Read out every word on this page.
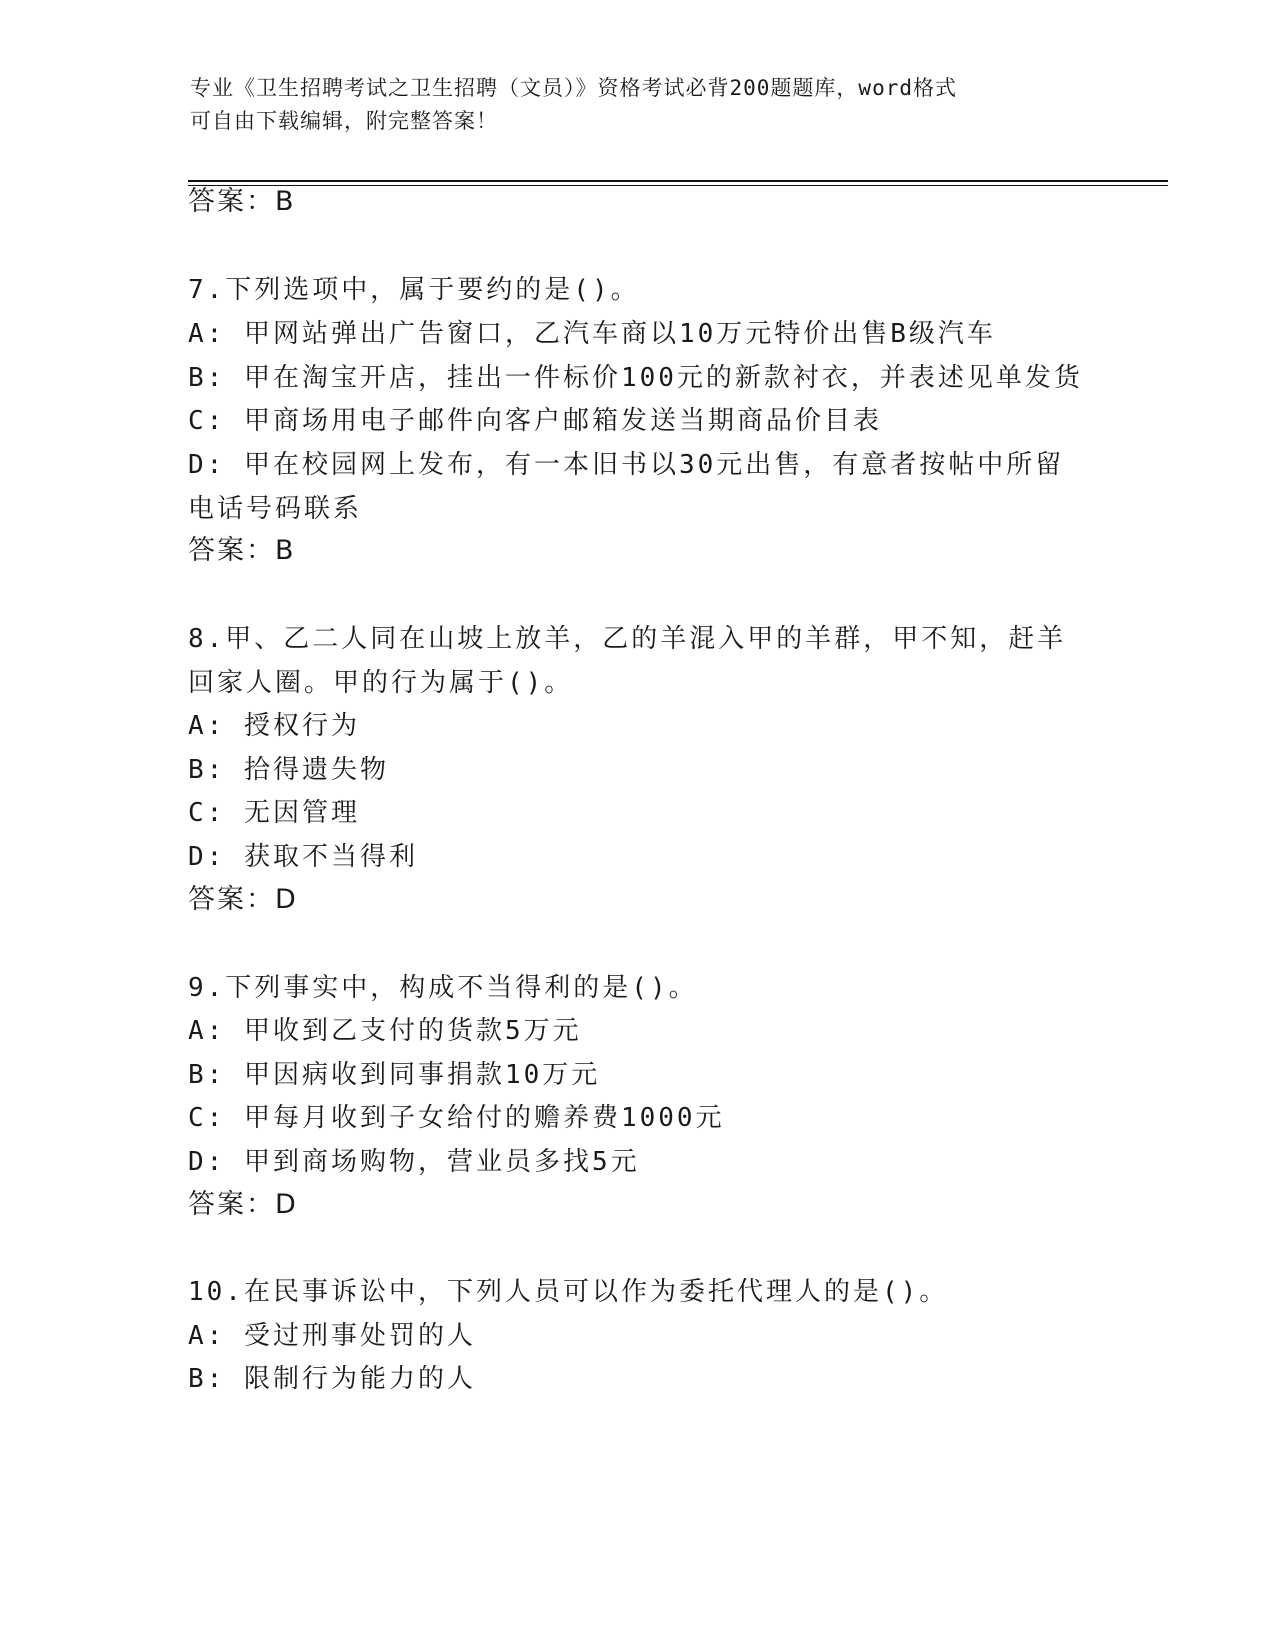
专业《卫生招聘考试之卫生招聘（文员）》资格考试必背200题题库，word格式
可自由下载编辑，附完整答案！
答案：B
7.下列选项中，属于要约的是()。
A: 甲网站弹出广告窗口，乙汽车商以10万元特价出售B级汽车
B: 甲在淘宝开店，挂出一件标价100元的新款衬衣，并表述见单发货
C: 甲商场用电子邮件向客户邮箱发送当期商品价目表
D: 甲在校园网上发布，有一本旧书以30元出售，有意者按帖中所留
电话号码联系
答案：B
8.甲、乙二人同在山坡上放羊，乙的羊混入甲的羊群，甲不知，赶羊
回家人圈。甲的行为属于()。
A: 授权行为
B: 拾得遗失物
C: 无因管理
D: 获取不当得利
答案：D
9.下列事实中，构成不当得利的是()。
A: 甲收到乙支付的货款5万元
B: 甲因病收到同事捐款10万元
C: 甲每月收到子女给付的赡养费1000元
D: 甲到商场购物，营业员多找5元
答案：D
10.在民事诉讼中，下列人员可以作为委托代理人的是()。
A: 受过刑事处罚的人
B: 限制行为能力的人
